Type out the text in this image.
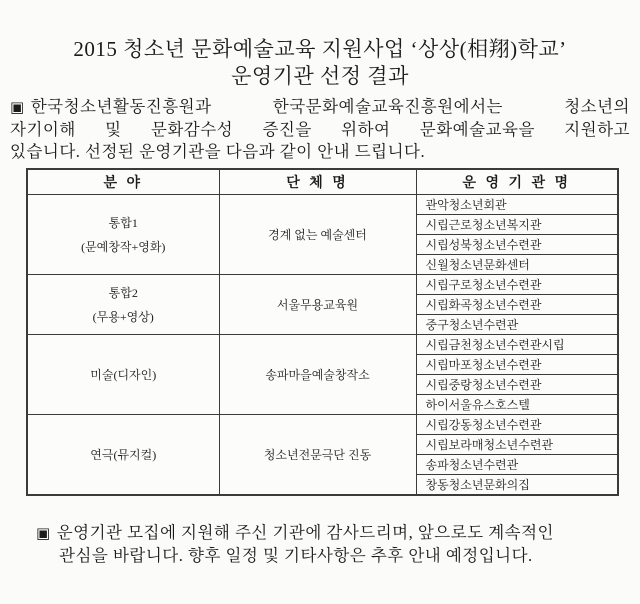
2015 청소년 문화예술교육 지원사업 ‘상상(相翔)학교’
운영기관 선정 결과
▣ 한국청소년활동진흥원과 한국문화예술교육진흥원에서는 청소년의
자기이해 및 문화감수성 증진을 위하여 문화예술교육을 지원하고
있습니다. 선정된 운영기관을 다음과 같이 안내 드립니다.
분 야	단 체 명	운 영 기 관 명

통합1
(문예창작+영화)	경계 없는 예술센터	관악청소년회관
		시립근로청소년복지관
		시립성북청소년수련관
		신월청소년문화센터

통합2
(무용+영상)	서울무용교육원	시립구로청소년수련관
		시립화곡청소년수련관
		중구청소년수련관

미술(디자인)	송파마을예술창작소	시립금천청소년수련관시립
		시립마포청소년수련관
		시립중랑청소년수련관
		하이서울유스호스텔

연극(뮤지컬)	청소년전문극단 진동	시립강동청소년수련관
		시립보라매청소년수련관
		송파청소년수련관
		창동청소년문화의집
▣ 운영기관 모집에 지원해 주신 기관에 감사드리며, 앞으로도 계속적인
관심을 바랍니다. 향후 일정 및 기타사항은 추후 안내 예정입니다.
